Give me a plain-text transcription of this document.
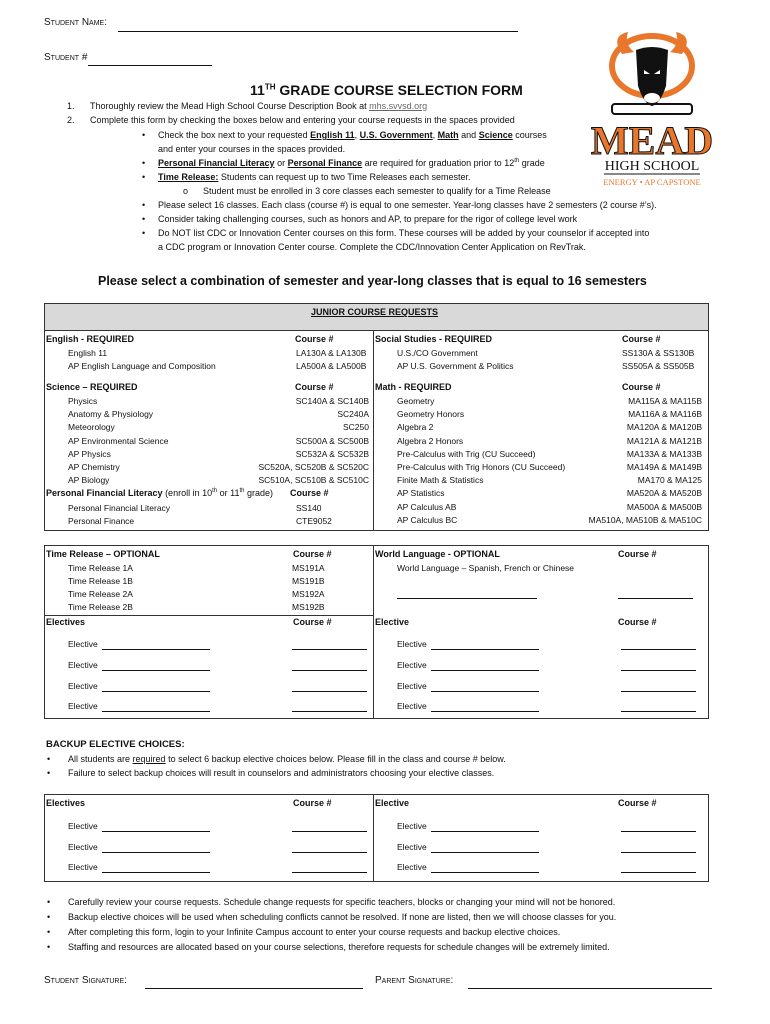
Student Name:
Student #
11TH GRADE COURSE SELECTION FORM
MEAD
HIGH SCHOOL
ENERGY • AP CAPSTONE
1. Thoroughly review the Mead High School Course Description Book at mhs.svvsd.org
2. Complete this form by checking the boxes below and entering your course requests in the spaces provided
• Check the box next to your requested English 11, U.S. Government, Math and Science courses
and enter your courses in the spaces provided.
• Personal Financial Literacy or Personal Finance are required for graduation prior to 12th grade
• Time Release: Students can request up to two Time Releases each semester.
o Student must be enrolled in 3 core classes each semester to qualify for a Time Release
• Please select 16 classes. Each class (course #) is equal to one semester. Year-long classes have 2 semesters (2 course #’s).
• Consider taking challenging courses, such as honors and AP, to prepare for the rigor of college level work
• Do NOT list CDC or Innovation Center courses on this form. These courses will be added by your counselor if accepted into
a CDC program or Innovation Center course. Complete the CDC/Innovation Center Application on RevTrak.
Please select a combination of semester and year-long classes that is equal to 16 semesters
JUNIOR COURSE REQUESTS
English - REQUIRED	Course #
English 11	LA130A & LA130B
AP English Language and Composition	LA500A & LA500B
Social Studies - REQUIRED	Course #
U.S./CO Government	SS130A & SS130B
AP U.S. Government & Politics	SS505A & SS505B
Science – REQUIRED	Course #
Physics	SC140A & SC140B
Anatomy & Physiology	SC240A
Meteorology	SC250
AP Environmental Science	SC500A & SC500B
AP Physics	SC532A & SC532B
AP Chemistry	SC520A, SC520B & SC520C
AP Biology	SC510A, SC510B & SC510C
Math - REQUIRED	Course #
Geometry	MA115A & MA115B
Geometry Honors	MA116A & MA116B
Algebra 2	MA120A & MA120B
Algebra 2 Honors	MA121A & MA121B
Pre-Calculus with Trig (CU Succeed)	MA133A & MA133B
Pre-Calculus with Trig Honors (CU Succeed)	MA149A & MA149B
Finite Math & Statistics	MA170 & MA125
AP Statistics	MA520A & MA520B
AP Calculus AB	MA500A & MA500B
AP Calculus BC	MA510A, MA510B & MA510C
Personal Financial Literacy (enroll in 10th or 11th grade) Course #
Personal Financial Literacy	SS140
Personal Finance	CTE9052
Time Release – OPTIONAL	Course #
Time Release 1A	MS191A
Time Release 1B	MS191B
Time Release 2A	MS192A
Time Release 2B	MS192B
World Language - OPTIONAL	Course #
World Language – Spanish, French or Chinese
Electives	Course #	Elective	Course #
Elective	Elective
Elective	Elective
Elective	Elective
Elective	Elective
BACKUP ELECTIVE CHOICES:
• All students are required to select 6 backup elective choices below. Please fill in the class and course # below.
• Failure to select backup choices will result in counselors and administrators choosing your elective classes.
Electives	Course #	Elective	Course #
Elective	Elective
Elective	Elective
Elective	Elective
• Carefully review your course requests. Schedule change requests for specific teachers, blocks or changing your mind will not be honored.
• Backup elective choices will be used when scheduling conflicts cannot be resolved. If none are listed, then we will choose classes for you.
• After completing this form, login to your Infinite Campus account to enter your course requests and backup elective choices.
• Staffing and resources are allocated based on your course selections, therefore requests for schedule changes will be extremely limited.
Student Signature:	Parent Signature:
